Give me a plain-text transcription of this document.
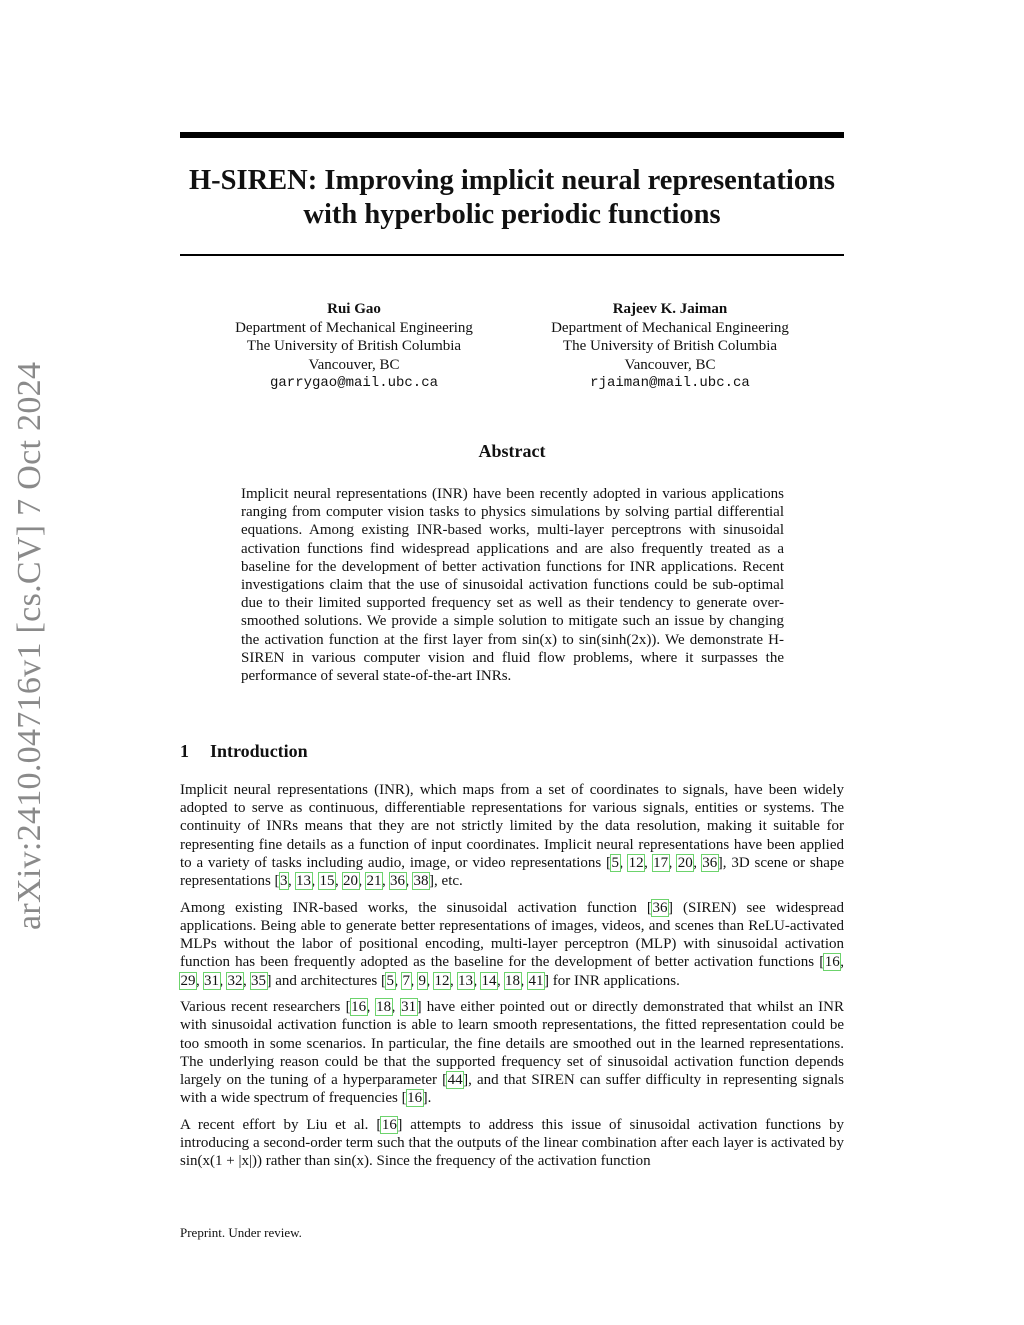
arXiv:2410.04716v1 [cs.CV] 7 Oct 2024
H-SIREN: Improving implicit neural representations
with hyperbolic periodic functions
Rui Gao
Department of Mechanical Engineering
The University of British Columbia
Vancouver, BC
garrygao@mail.ubc.ca
Rajeev K. Jaiman
Department of Mechanical Engineering
The University of British Columbia
Vancouver, BC
rjaiman@mail.ubc.ca
Abstract
Implicit neural representations (INR) have been recently adopted in various applications ranging from computer vision tasks to physics simulations by solving partial differential equations. Among existing INR-based works, multi-layer perceptrons with sinusoidal activation functions find widespread applications and are also frequently treated as a baseline for the development of better activation functions for INR applications. Recent investigations claim that the use of sinusoidal activation functions could be sub-optimal due to their limited supported frequency set as well as their tendency to generate over-smoothed solutions. We provide a simple solution to mitigate such an issue by changing the activation function at the first layer from sin(x) to sin(sinh(2x)). We demonstrate H-SIREN in various computer vision and fluid flow problems, where it surpasses the performance of several state-of-the-art INRs.
1 Introduction

Implicit neural representations (INR), which maps from a set of coordinates to signals, have been widely adopted to serve as continuous, differentiable representations for various signals, entities or systems. The continuity of INRs means that they are not strictly limited by the data resolution, making it suitable for representing fine details as a function of input coordinates. Implicit neural representations have been applied to a variety of tasks including audio, image, or video representations [5, 12, 17, 20, 36], 3D scene or shape representations [3, 13, 15, 20, 21, 36, 38], etc.

Among existing INR-based works, the sinusoidal activation function [36] (SIREN) see widespread applications. Being able to generate better representations of images, videos, and scenes than ReLU-activated MLPs without the labor of positional encoding, multi-layer perceptron (MLP) with sinusoidal activation function has been frequently adopted as the baseline for the development of better activation functions [16, 29, 31, 32, 35] and architectures [5, 7, 9, 12, 13, 14, 18, 41] for INR applications.

Various recent researchers [16, 18, 31] have either pointed out or directly demonstrated that whilst an INR with sinusoidal activation function is able to learn smooth representations, the fitted representation could be too smooth in some scenarios. In particular, the fine details are smoothed out in the learned representations. The underlying reason could be that the supported frequency set of sinusoidal activation function depends largely on the tuning of a hyperparameter [44], and that SIREN can suffer difficulty in representing signals with a wide spectrum of frequencies [16].

A recent effort by Liu et al. [16] attempts to address this issue of sinusoidal activation functions by introducing a second-order term such that the outputs of the linear combination after each layer is activated by sin(x(1 + |x|)) rather than sin(x). Since the frequency of the activation function

Preprint. Under review.
